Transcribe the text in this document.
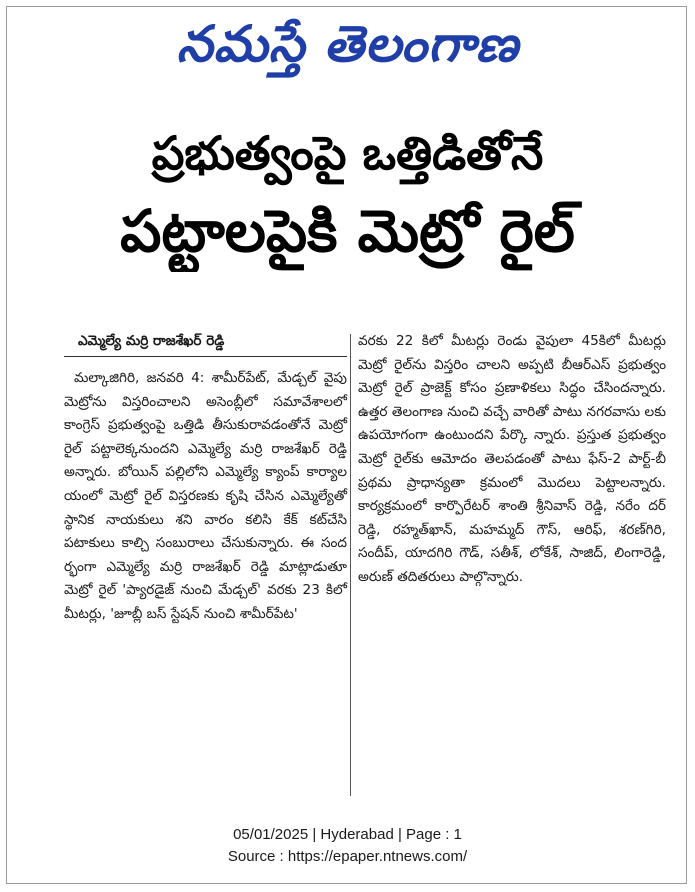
నమస్తే తెలంగాణ
ప్రభుత్వంపై ఒత్తిడితోనే
పట్టాలపైకి మెట్రో రైల్
ఎమ్మెల్యే మర్రి రాజశేఖర్ రెడ్డి

మల్కాజిగిరి, జనవరి 4: శామీర్‌పేట్, మేడ్చల్ వైపు మెట్రోను విస్తరించాలని అసెంబ్లీలో సమావేశాలలో కాంగ్రెస్ ప్రభుత్వంపై ఒత్తిడి తీసుకురావడంతోనే మెట్రో రైల్ పట్టాలెక్కనుందని ఎమ్మెల్యే మర్రి రాజశేఖర్ రెడ్డి అన్నారు. బోయిన్ పల్లిలోని ఎమ్మెల్యే క్యాంప్ కార్యాల యంలో మెట్రో రైల్ విస్తరణకు కృషి చేసిన ఎమ్మెల్యేతో స్థానిక నాయకులు శని వారం కలిసి కేక్ కట్‌చేసి పటాకులు కాల్చి సంబురాలు చేసుకున్నారు. ఈ సంద ర్భంగా ఎమ్మెల్యే మర్రి రాజశేఖర్ రెడ్డి మాట్లాడుతూ మెట్రో రైల్ 'ప్యారడైజ్ నుంచి మేడ్చల్' వరకు 23 కిలో మీటర్లు, 'జూబ్లీ బస్ స్టేషన్ నుంచి శామీర్‌పేట'

వరకు 22 కిలో మీటర్లు రెండు వైపులా 45కిలో మీటర్లు మెట్రో రైల్‌ను విస్తరిం చాలని అప్పటి బీఆర్‌ఎస్ ప్రభుత్వం మెట్రో రైల్ ప్రాజెక్ట్ కోసం ప్రణాళికలు సిద్ధం చేసిందన్నారు. ఉత్తర తెలంగాణ నుంచి వచ్చే వారితో పాటు నగరవాసు లకు ఉపయోగంగా ఉంటుందని పేర్కొ న్నారు. ప్రస్తుత ప్రభుత్వం మెట్రో రైల్‌కు ఆమోదం తెలపడంతో పాటు ఫేస్-2 పార్ట్-బీ ప్రథమ ప్రాధాన్యతా క్రమంలో మొదలు పెట్టాలన్నారు. కార్యక్రమంలో కార్పొరేటర్ శాంతి శ్రీనివాస్ రెడ్డి, నరేం దర్ రెడ్డి, రహ్మత్‌ఖాన్, మహమ్మద్ గౌస్, ఆరిఫ్, శరణ్‌గిరి, సందీప్, యాదగిరి గౌడ్, సతీశ్, లోకేశ్, సాజిద్, లింగారెడ్డి, అరుణ్ తదితరులు పాల్గొన్నారు.

05/01/2025 | Hyderabad | Page : 1
Source : https://epaper.ntnews.com/
